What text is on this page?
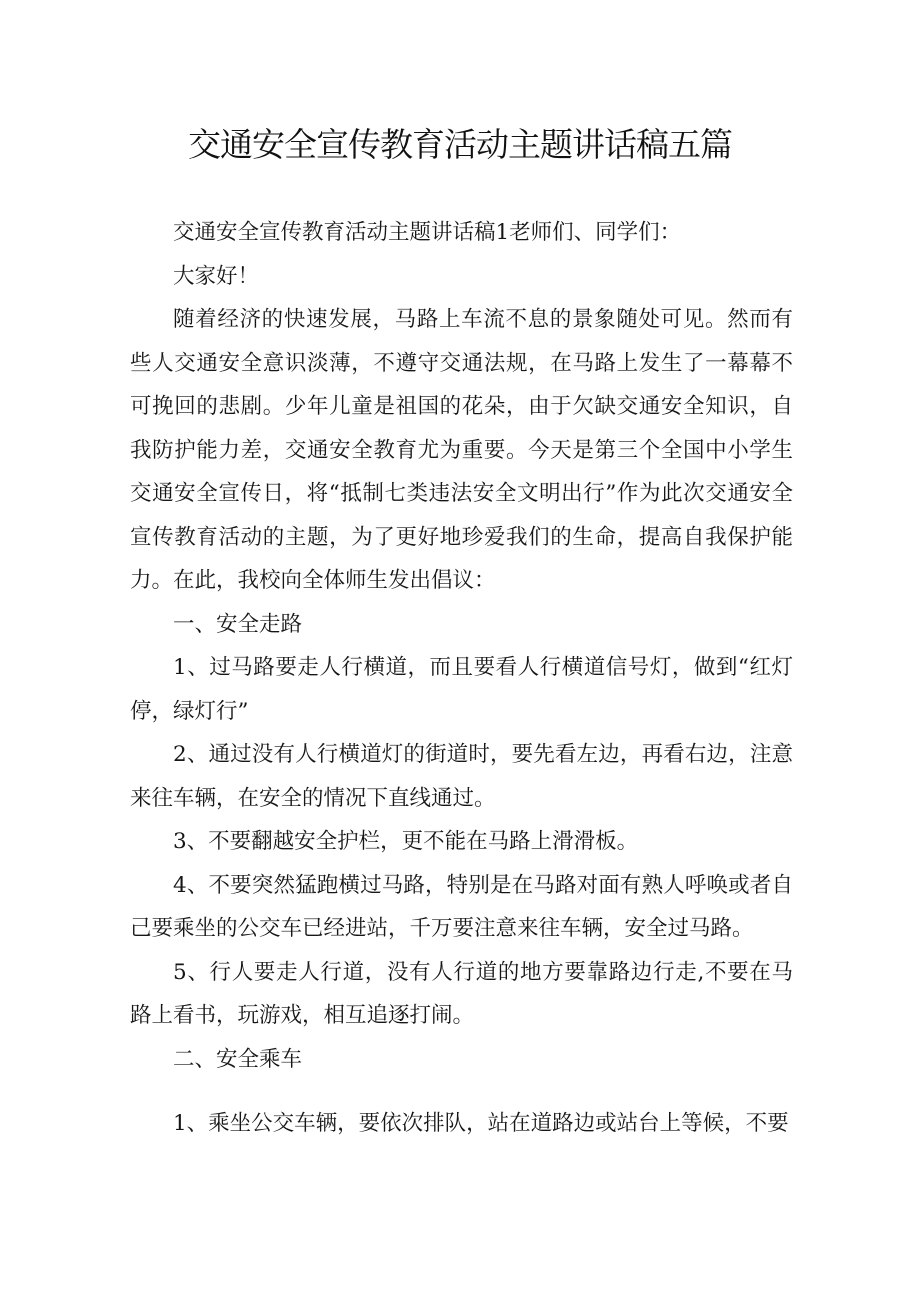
交通安全宣传教育活动主题讲话稿五篇

交通安全宣传教育活动主题讲话稿1老师们、同学们：

大家好！

随着经济的快速发展，马路上车流不息的景象随处可见。然而有些人交通安全意识淡薄，不遵守交通法规，在马路上发生了一幕幕不可挽回的悲剧。少年儿童是祖国的花朵，由于欠缺交通安全知识，自我防护能力差，交通安全教育尤为重要。今天是第三个全国中小学生交通安全宣传日，将“抵制七类违法安全文明出行”作为此次交通安全宣传教育活动的主题，为了更好地珍爱我们的生命，提高自我保护能力。在此，我校向全体师生发出倡议：

一、安全走路

1、过马路要走人行横道，而且要看人行横道信号灯，做到“红灯停，绿灯行”

2、通过没有人行横道灯的街道时，要先看左边，再看右边，注意来往车辆，在安全的情况下直线通过。

3、不要翻越安全护栏，更不能在马路上滑滑板。

4、不要突然猛跑横过马路，特别是在马路对面有熟人呼唤或者自己要乘坐的公交车已经进站，千万要注意来往车辆，安全过马路。

5、行人要走人行道，没有人行道的地方要靠路边行走,不要在马路上看书，玩游戏，相互追逐打闹。

二、安全乘车

1、乘坐公交车辆，要依次排队，站在道路边或站台上等候，不要
